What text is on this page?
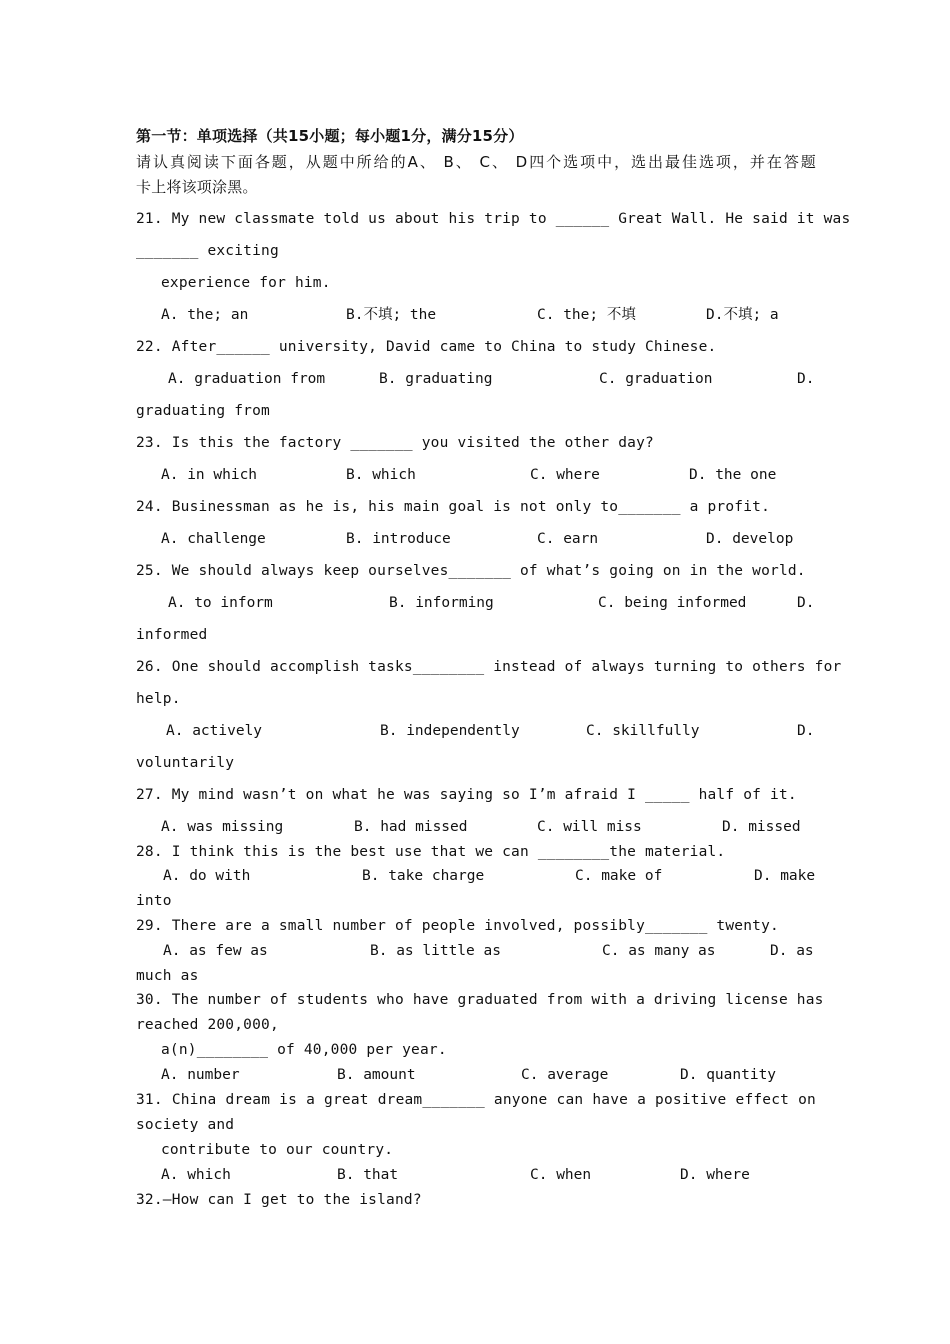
第一节：单项选择（共15小题；每小题1分，满分15分）
请认真阅读下面各题，从题中所给的A、 B、 C、 D四个选项中，选出最佳选项，并在答题
卡上将该项涂黑。
21. My new classmate told us about his trip to ______ Great Wall. He said it was
_______ exciting
experience for him.
A. the; an	B.不填; the	C. the; 不填	D.不填; a
22. After______ university, David came to China to study Chinese.
A. graduation from	B. graduating	C. graduation	D.
graduating from
23. Is this the factory _______ you visited the other day?
A. in which	B. which	C. where	D. the one
24. Businessman as he is, his main goal is not only to_______ a profit.
A. challenge	B. introduce	C. earn	D. develop
25. We should always keep ourselves_______ of what’s going on in the world.
A. to inform	B. informing	C. being informed	D.
informed
26. One should accomplish tasks________ instead of always turning to others for
help.
A. actively	B. independently	C. skillfully	D.
voluntarily
27. My mind wasn’t on what he was saying so I’m afraid I _____ half of it.
A. was missing	B. had missed	C. will miss	D. missed
28. I think this is the best use that we can ________the material.
A. do with	B. take charge	C. make of	D. make
into
29. There are a small number of people involved, possibly_______ twenty.
A. as few as	B. as little as	C. as many as	D. as
much as
30. The number of students who have graduated from with a driving license has
reached 200,000,
a(n)________ of 40,000 per year.
A. number	B. amount	C. average	D. quantity
31. China dream is a great dream_______ anyone can have a positive effect on
society and
contribute to our country.
A. which	B. that	C. when	D. where
32.—How can I get to the island?
